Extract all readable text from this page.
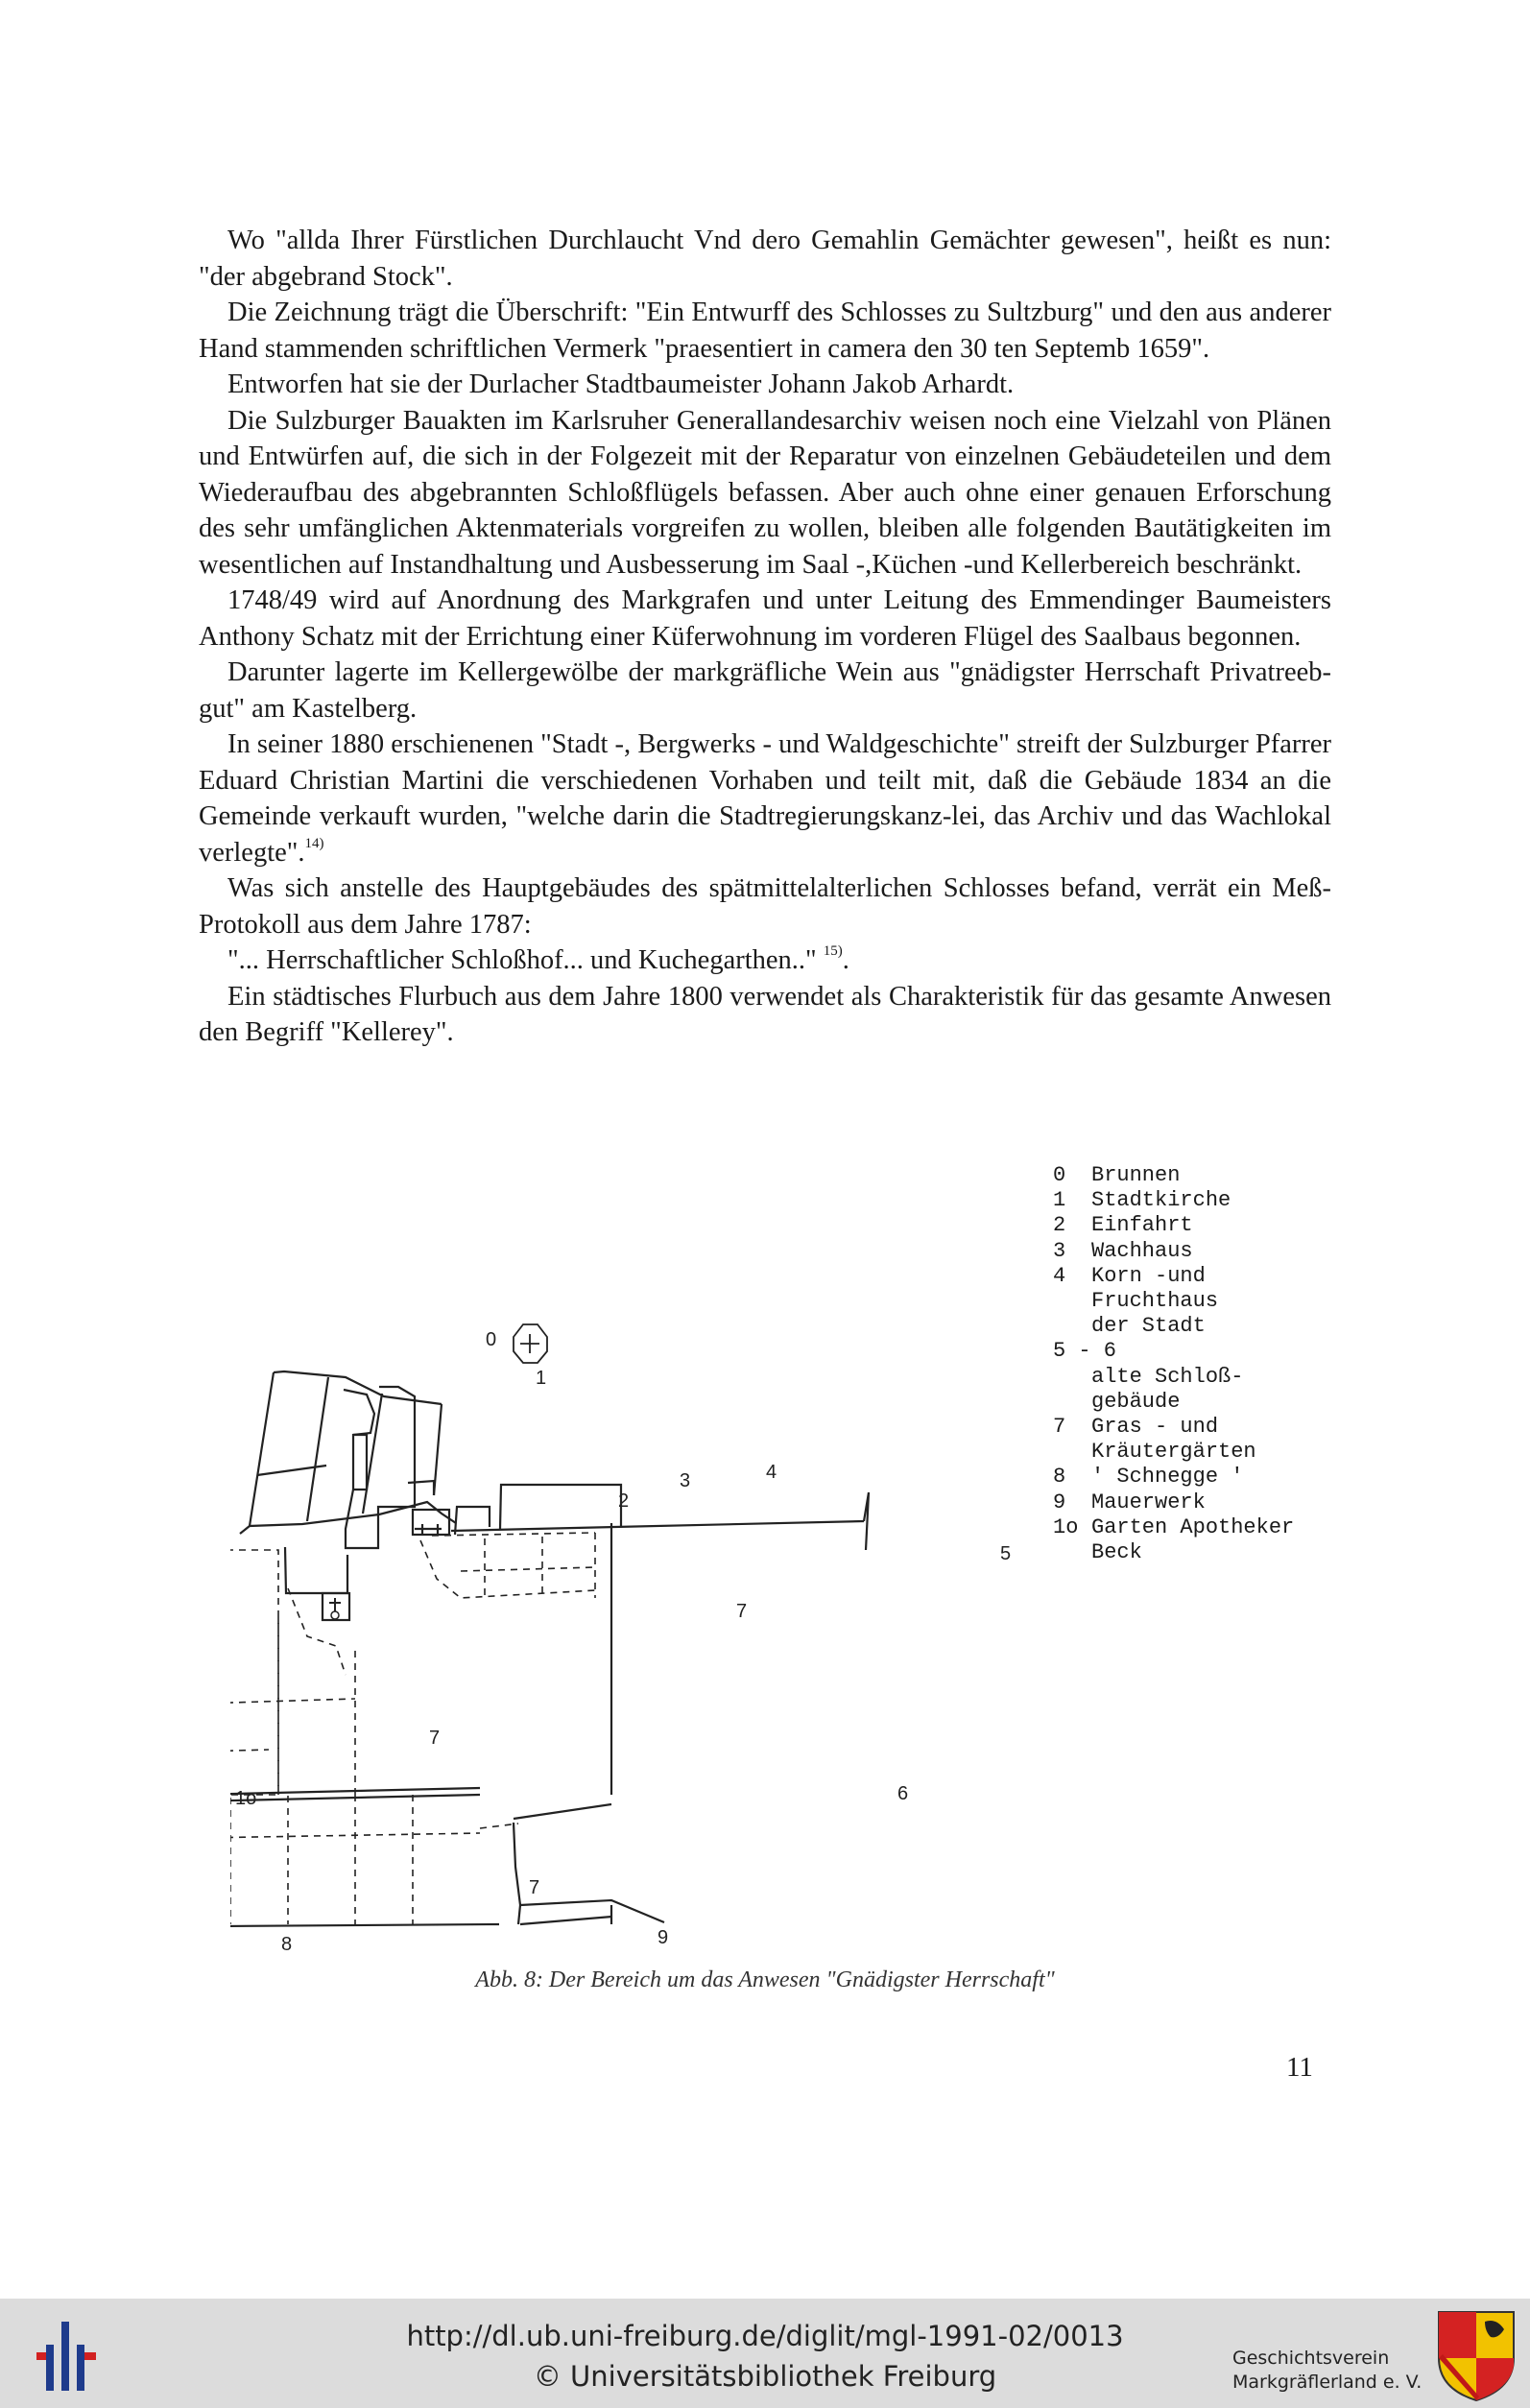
Wo "allda Ihrer Fürstlichen Durchlaucht Vnd dero Gemahlin Gemächter gewesen", heißt es nun: "der abgebrand Stock".

Die Zeichnung trägt die Überschrift: "Ein Entwurff des Schlosses zu Sultzburg" und den aus anderer Hand stammenden schriftlichen Vermerk "praesentiert in camera den 30 ten Septemb 1659".

Entworfen hat sie der Durlacher Stadtbaumeister Johann Jakob Arhardt.

Die Sulzburger Bauakten im Karlsruher Generallandesarchiv weisen noch eine Vielzahl von Plänen und Entwürfen auf, die sich in der Folgezeit mit der Reparatur von einzelnen Gebäudeteilen und dem Wiederaufbau des abgebrannten Schloßflügels befassen. Aber auch ohne einer genauen Erforschung des sehr umfänglichen Aktenmaterials vorgreifen zu wollen, bleiben alle folgenden Bautätigkeiten im wesentlichen auf Instandhaltung und Ausbesserung im Saal -,Küchen -und Kellerbereich beschränkt.

1748/49 wird auf Anordnung des Markgrafen und unter Leitung des Emmendinger Baumeisters Anthony Schatz mit der Errichtung einer Küferwohnung im vorderen Flügel des Saalbaus begonnen.

Darunter lagerte im Kellergewölbe der markgräfliche Wein aus "gnädigster Herrschaft Privatreeb-gut" am Kastelberg.

In seiner 1880 erschienenen "Stadt -, Bergwerks - und Waldgeschichte" streift der Sulzburger Pfarrer Eduard Christian Martini die verschiedenen Vorhaben und teilt mit, daß die Gebäude 1834 an die Gemeinde verkauft wurden, "welche darin die Stadtregierungskanz-lei, das Archiv und das Wachlokal verlegte".$^{14)}$

Was sich anstelle des Hauptgebäudes des spätmittelalterlichen Schlosses befand, verrät ein Meß-Protokoll aus dem Jahre 1787:

"... Herrschaftlicher Schloßhof... und Kuchegarthen.." $^{15)}$.

Ein städtisches Flurbuch aus dem Jahre 1800 verwendet als Charakteristik für das gesamte Anwesen den Begriff "Kellerey".

0
1
2
3	4
5
6
7
7
7
8	9
1o
0	Brunnen
1	Stadtkirche
2	Einfahrt
3	Wachhaus
4	Korn -und
Fruchthaus
der Stadt
5 - 6
alte Schloß-
gebäude
7	Gras - und
Kräutergärten
8	' Schnegge '
9	Mauerwerk
1o Garten Apotheker
Beck
Abb. 8: Der Bereich um das Anwesen "Gnädigster Herrschaft"
11
http://dl.ub.uni-freiburg.de/diglit/mgl-1991-02/0013
© Universitätsbibliothek Freiburg
Geschichtsverein
Markgräflerland e. V.
